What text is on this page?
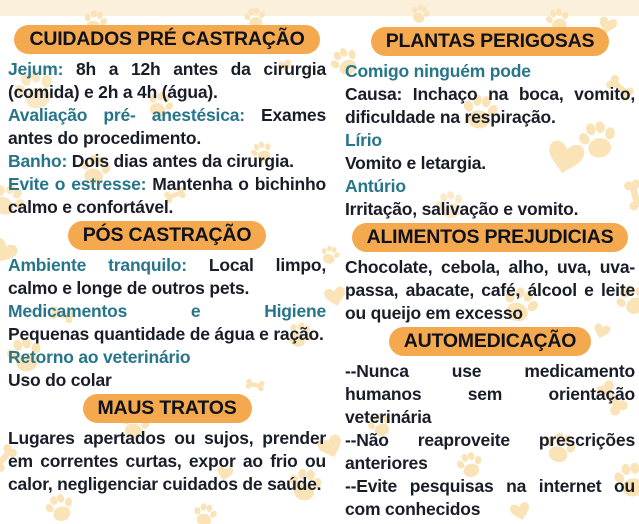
CUIDADOS PRÉ CASTRAÇÃO

Jejum: 8h a 12h antes da cirurgia (comida) e 2h a 4h (água).

Avaliação pré- anestésica: Exames antes do procedimento.

Banho: Dois dias antes da cirurgia.

Evite o estresse: Mantenha o bichinho calmo e confortável.

PÓS CASTRAÇÃO

Ambiente tranquilo: Local limpo, calmo e longe de outros pets.

Medicamentos e Higiene

Pequenas quantidade de água e ração.

Retorno ao veterinário

Uso do colar

MAUS TRATOS

Lugares apertados ou sujos, prender em correntes curtas, expor ao frio ou calor, negligenciar cuidados de saúde.

PLANTAS PERIGOSAS

Comigo ninguém pode

Causa: Inchaço na boca, vomito, dificuldade na respiração.

Lírio

Vomito e letargia.

Antúrio

Irritação, salivação e vomito.

ALIMENTOS PREJUDICIAS

Chocolate, cebola, alho, uva, uva-passa, abacate, café, álcool e leite ou queijo em excesso

AUTOMEDICAÇÃO

--Nunca use medicamento humanos sem orientação veterinária

--Não reaproveite prescrições anteriores

--Evite pesquisas na internet ou com conhecidos
